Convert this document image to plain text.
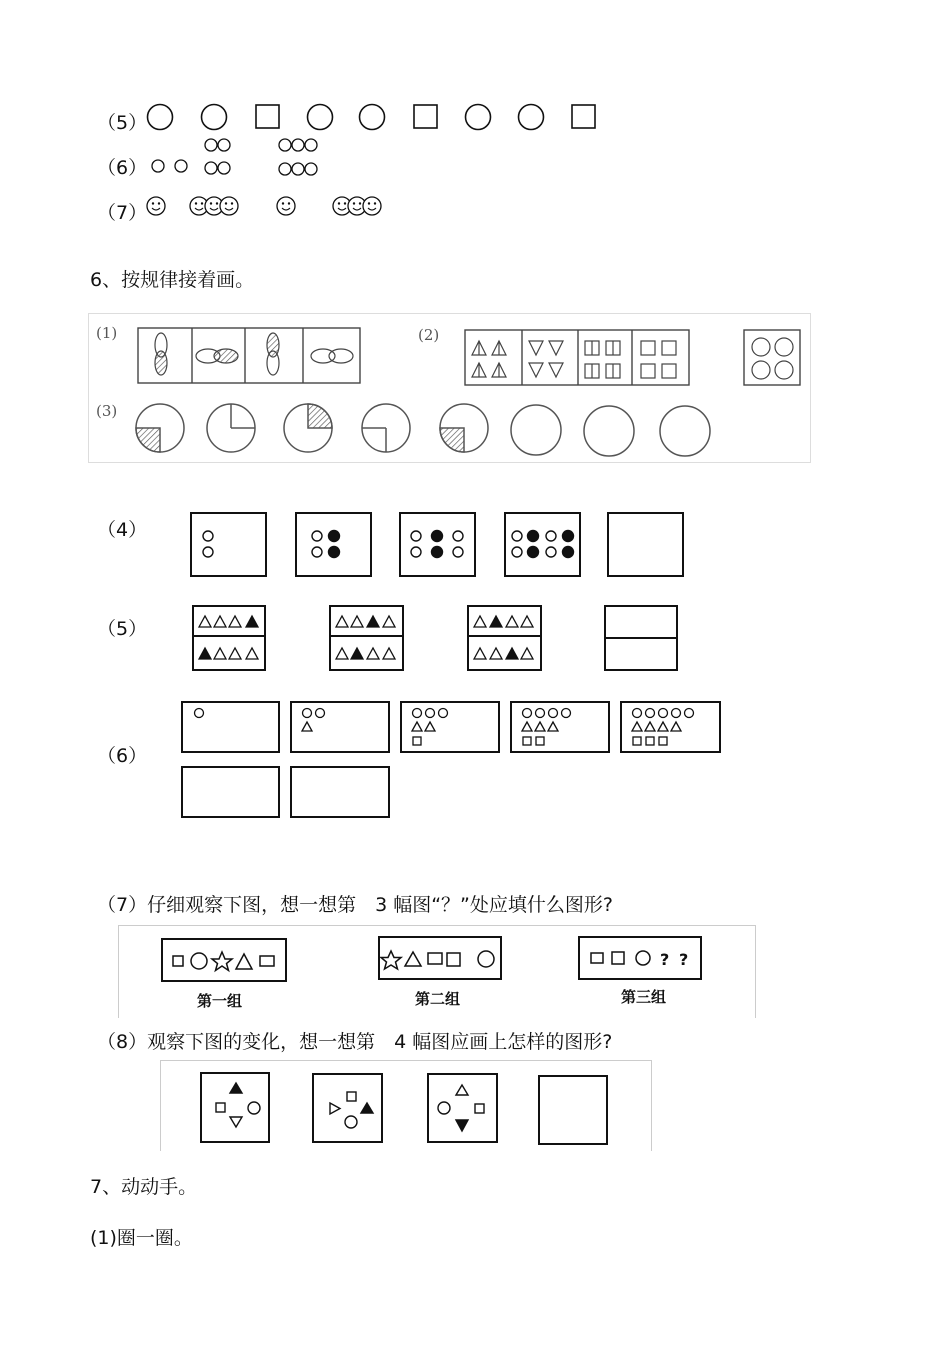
（5）
（6）
（7）
6、按规律接着画。
(1)	(2)
(3)
（4）
（5）
（6）
（7）仔细观察下图，想一想第　3 幅图“？”处应填什么图形?
? ?
第一组	第二组	第三组
（8）观察下图的变化，想一想第　4 幅图应画上怎样的图形?
7、动动手。
(1)圈一圈。
